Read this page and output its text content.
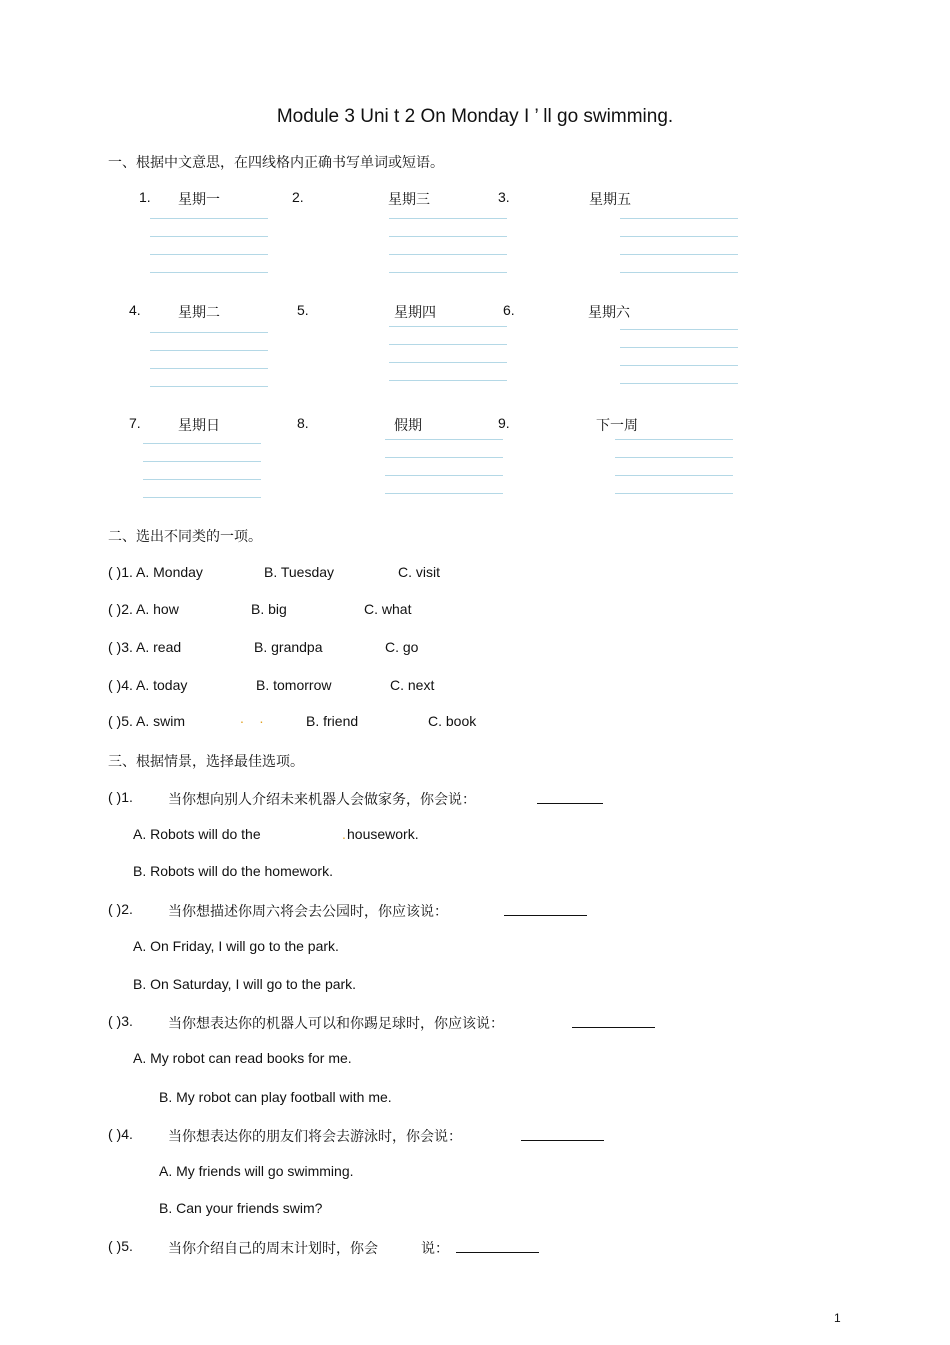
Module 3 Uni t 2 On Monday I ’ ll go swimming.
一、根据中文意思，在四线格内正确书写单词或短语。
1. 星期一	2.	星期三	3.	星期五
4.	星期二	5.	星期四	6.	星期六
7.	星期日	8.	假期	9.	下一周
二、选出不同类的一项。
( )1. A. Monday	B. Tuesday	C. visit
( )2. A. how	B. big	C. what
( )3. A. read	B. grandpa	C. go
( )4. A. today	B. tomorrow	C. next
( )5. A. swim	.    .	B. friend	C. book
三、根据情景，选择最佳选项。
( )1.	当你想向别人介绍未来机器人会做家务，你会说：
A. Robots will do the	. housework.
B. Robots will do the homework.
( )2.	当你想描述你周六将会去公园时，你应该说：
A. On Friday, I will go to the park.
B. On Saturday, I will go to the park.
( )3.	当你想表达你的机器人可以和你踢足球时，你应该说：
A. My robot can read books for me.
B. My robot can play football with me.
( )4.	当你想表达你的朋友们将会去游泳时，你会说：
A. My friends will go swimming.
B. Can your friends swim?
( )5.	当你介绍自己的周末计划时，你会	说：
1
